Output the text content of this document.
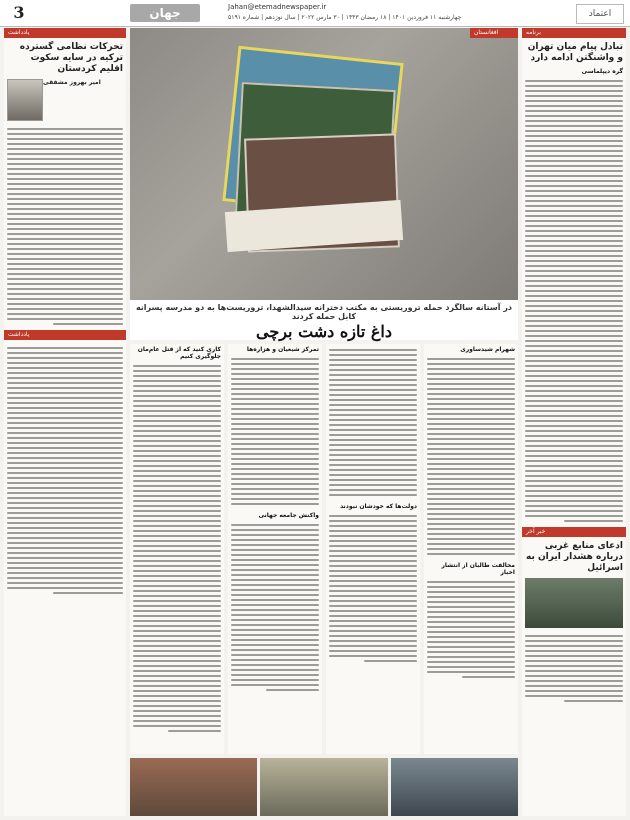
3	جهان	Jahan@etemadnewspaper.ir
چهارشنبه ۱۱ فروردین ۱۴۰۱ | ۱۸ رمضان ۱۴۴۳ | ۳۰ مارس ۲۰۲۲ | سال نوزدهم | شماره ۵۱۹۱	اعتماد
یادداشت
تحرکات نظامی گسترده ترکیه در سایه سکوت اقلیم کردستان
امیر بهروز مشفقی
یادداشت
افغانستان
در آستانه سالگرد حمله تروریستی به مکتب دخترانه سیدالشهدا، تروریست‌ها به دو مدرسه پسرانه کابل حمله کردند
داغ تازه دشت برچی
کاری کنید که از قتل عام‌مان جلوگیری کنیم
تمرکز شیعیان و هزاره‌ها
واکنش جامعه جهانی
دولت‌ها که خودشان نبودند
شهرام شیدساوری
مخالفت طالبان از انتشار اخبار
برنامه
تبادل پیام میان تهران و واشنگتن ادامه دارد
گره دیپلماسی
خبر آخر
ادعای منابع غربی درباره هشدار ایران به اسرائیل
